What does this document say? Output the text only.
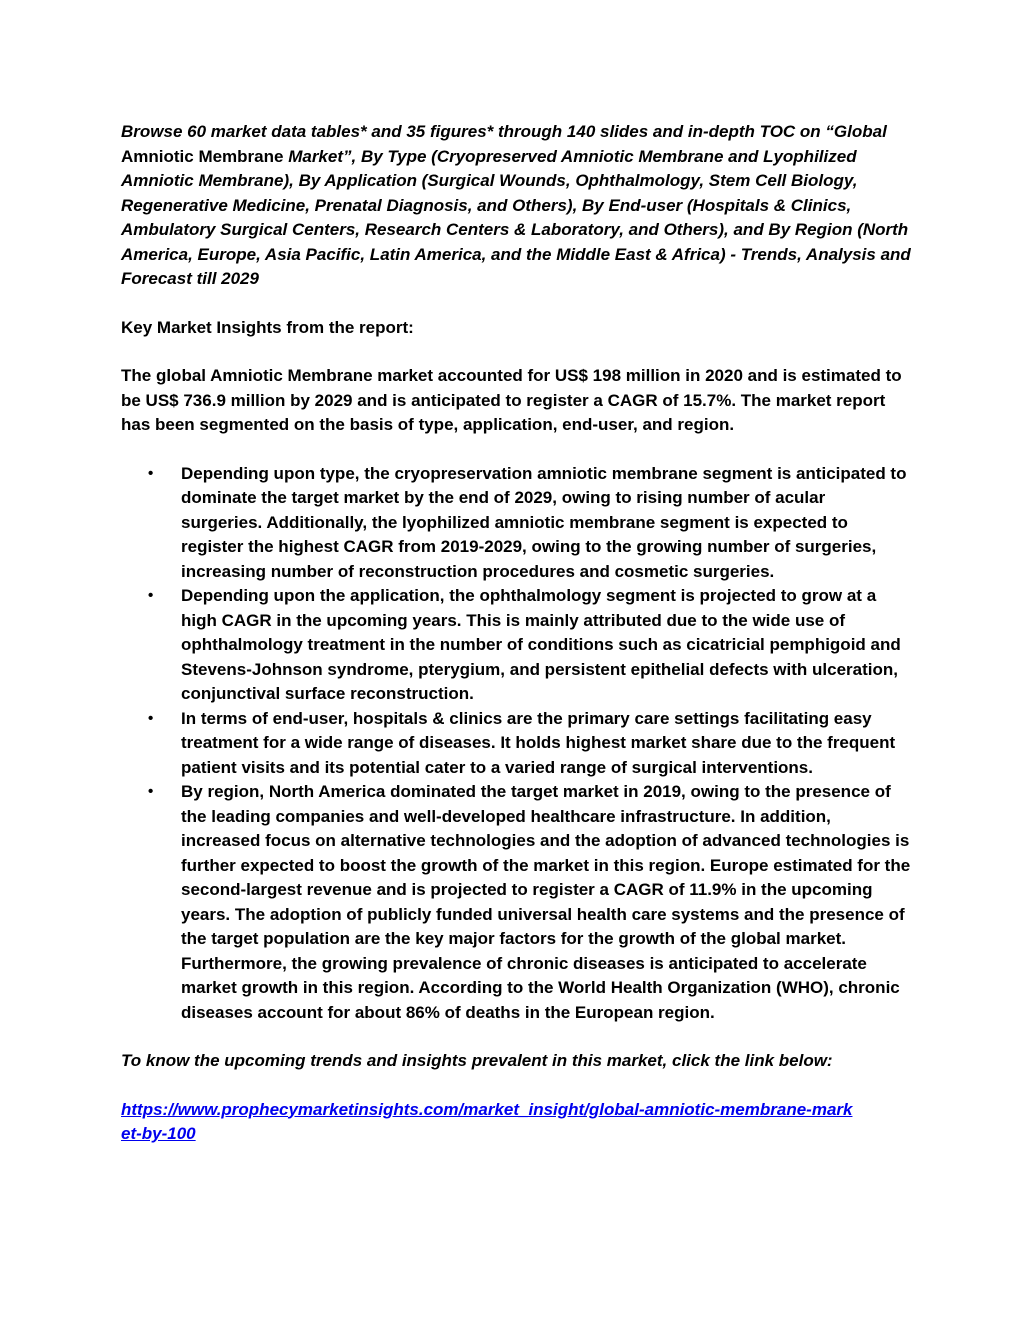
Browse 60 market data tables* and 35 figures* through 140 slides and in-depth TOC on “Global Amniotic Membrane Market”, By Type (Cryopreserved Amniotic Membrane and Lyophilized Amniotic Membrane), By Application (Surgical Wounds, Ophthalmology, Stem Cell Biology, Regenerative Medicine, Prenatal Diagnosis, and Others), By End-user (Hospitals & Clinics, Ambulatory Surgical Centers, Research Centers & Laboratory, and Others), and By Region (North America, Europe, Asia Pacific, Latin America, and the Middle East & Africa) - Trends, Analysis and Forecast till 2029

Key Market Insights from the report:

The global Amniotic Membrane market accounted for US$ 198 million in 2020 and is estimated to be US$ 736.9 million by 2029 and is anticipated to register a CAGR of 15.7%. The market report has been segmented on the basis of type, application, end-user, and region.

• Depending upon type, the cryopreservation amniotic membrane segment is anticipated to dominate the target market by the end of 2029, owing to rising number of acular surgeries. Additionally, the lyophilized amniotic membrane segment is expected to register the highest CAGR from 2019-2029, owing to the growing number of surgeries, increasing number of reconstruction procedures and cosmetic surgeries.
• Depending upon the application, the ophthalmology segment is projected to grow at a high CAGR in the upcoming years. This is mainly attributed due to the wide use of ophthalmology treatment in the number of conditions such as cicatricial pemphigoid and Stevens-Johnson syndrome, pterygium, and persistent epithelial defects with ulceration, conjunctival surface reconstruction.
• In terms of end-user, hospitals & clinics are the primary care settings facilitating easy treatment for a wide range of diseases. It holds highest market share due to the frequent patient visits and its potential cater to a varied range of surgical interventions.
• By region, North America dominated the target market in 2019, owing to the presence of the leading companies and well-developed healthcare infrastructure. In addition, increased focus on alternative technologies and the adoption of advanced technologies is further expected to boost the growth of the market in this region. Europe estimated for the second-largest revenue and is projected to register a CAGR of 11.9% in the upcoming years. The adoption of publicly funded universal health care systems and the presence of the target population are the key major factors for the growth of the global market. Furthermore, the growing prevalence of chronic diseases is anticipated to accelerate market growth in this region. According to the World Health Organization (WHO), chronic diseases account for about 86% of deaths in the European region.

To know the upcoming trends and insights prevalent in this market, click the link below:

https://www.prophecymarketinsights.com/market_insight/global-amniotic-membrane-market-by-100
